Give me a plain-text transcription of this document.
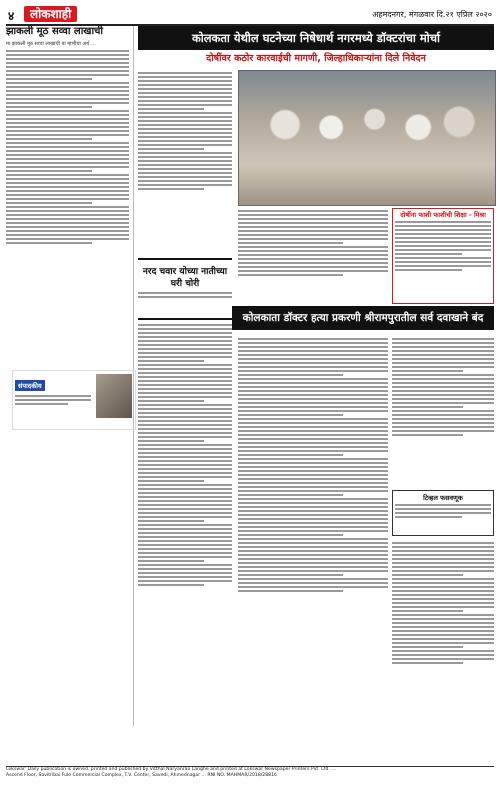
४	लोकशाही	अहमदनगर, मंगळवार दि.२१ एप्रिल २०२०
झाकली मूठ सव्वा लाखाची
मा झाकली मूठ सव्वा लाखाची या म्हणीचा अर्थ ...
संपादकीय
कोलकता येथील घटनेच्या निषेधार्थ नगरमध्ये डॉक्टरांचा मोर्चा
दोषींवर कठोर कारवाईची मागणी, जिल्हाधिकाऱ्यांना दिले निवेदन
नरद चवार योच्या नातीच्या घरी चोरी
दोषींना फाशी फाशीची शिक्षा - मिश्रा
कोलकाता डॉक्टर हत्या प्रकरणी श्रीरामपुरातील सर्व दवाखाने बंद
टिव्हल फसवणूक
Lokswar' Daily publication is owned, printed and published by Vitthal Naryanrao Langhe and printed at Lokswar Newspaper Printers Pvt. Ltd. ...
Ascend Floor, Savitribai Fule Commercial Complex, T.V. Center, Savedi, Ahmednagar ... RNI NO. MAHMAR/2018/28816
